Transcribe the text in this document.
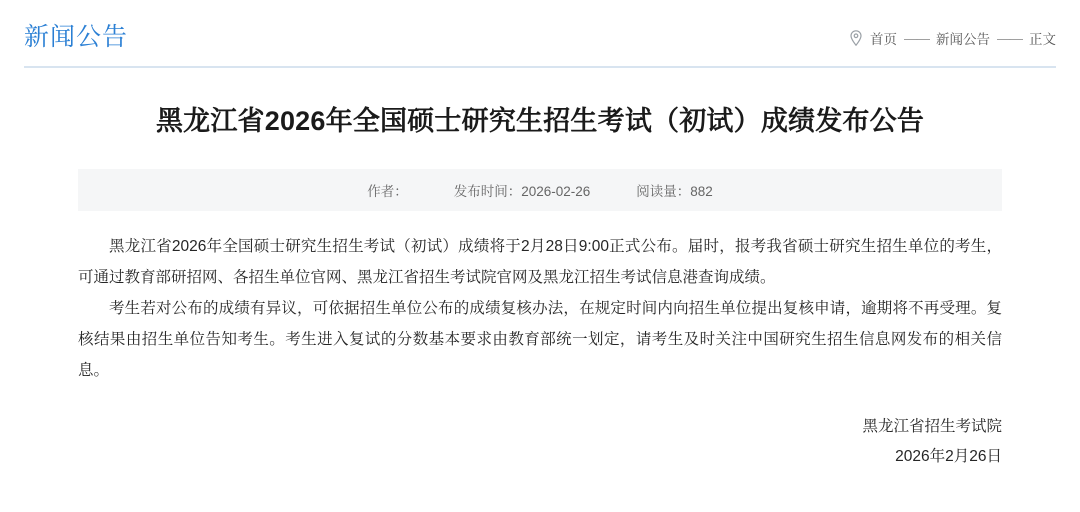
新闻公告	首页 —— 新闻公告 —— 正文
黑龙江省2026年全国硕士研究生招生考试（初试）成绩发布公告
作者：	发布时间：2026-02-26	阅读量：882

黑龙江省2026年全国硕士研究生招生考试（初试）成绩将于2月28日9:00正式公布。届时，报考我省硕士研究生招生单位的考生，可通过教育部研招网、各招生单位官网、黑龙江省招生考试院官网及黑龙江招生考试信息港查询成绩。

考生若对公布的成绩有异议，可依据招生单位公布的成绩复核办法，在规定时间内向招生单位提出复核申请，逾期将不再受理。复核结果由招生单位告知考生。考生进入复试的分数基本要求由教育部统一划定，请考生及时关注中国研究生招生信息网发布的相关信息。

黑龙江省招生考试院
2026年2月26日
